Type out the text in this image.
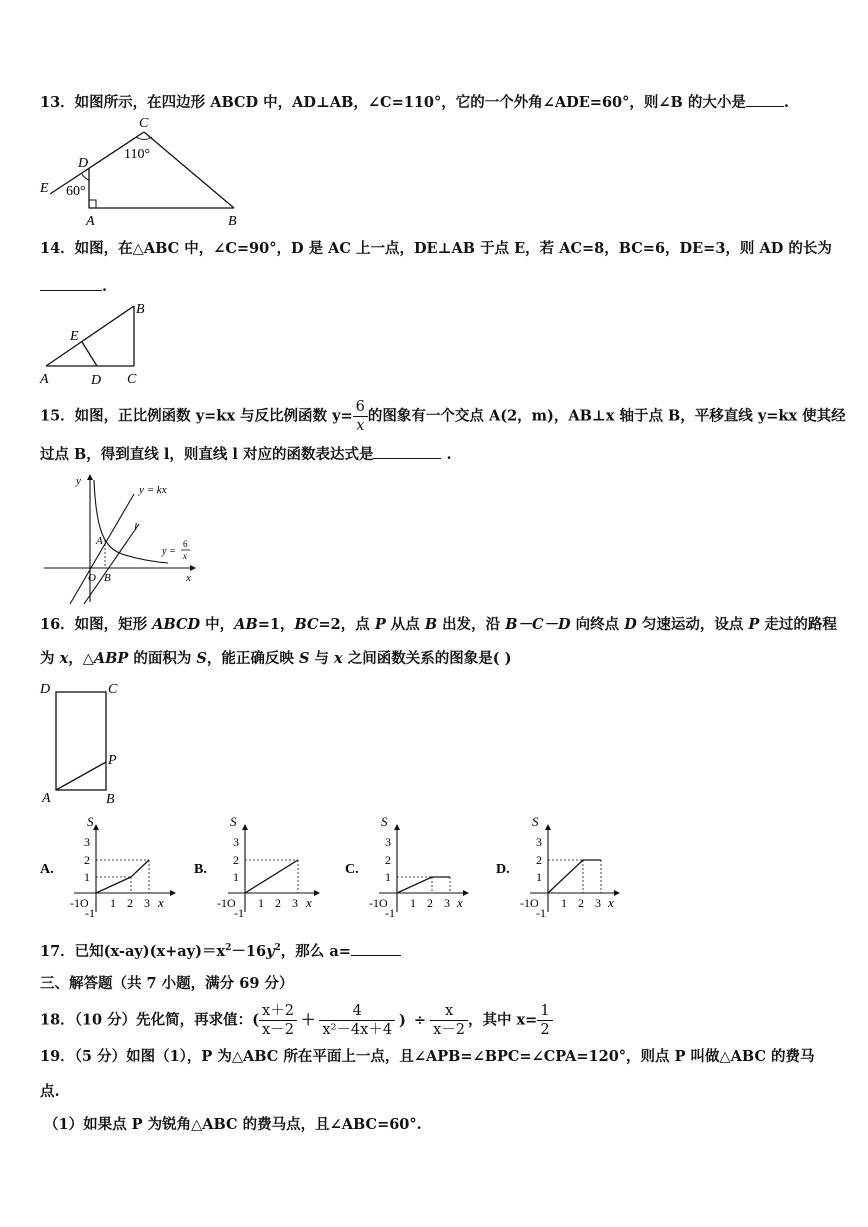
13．如图所示，在四边形 ABCD 中，AD⊥AB，∠C=110°，它的一个外角∠ADE=60°，则∠B 的大小是	.
C
110°
D
E 60°
A	B
14．如图，在△ABC 中，∠C=90°，D 是 AC 上一点，DE⊥AB 于点 E，若 AC=8，BC=6，DE=3，则 AD 的长为
.
B
E
A	D C
15．如图，正比例函数 y=kx 与反比例函数 $y= \frac{6}{x}$ 的图象有一个交点 A(2，m)，AB⊥x 轴于点 B，平移直线 y=kx 使其经
过点 B，得到直线 l，则直线 l 对应的函数表达式是	.
y
y = kx
l
A
O B	x
y =
6
x
16．如图，矩形 ABCD 中，AB=1，BC=2，点 P 从点 B 出发，沿 B－C－D 向终点 D 匀速运动，设点 P 走过的路程
为 x，△ABP 的面积为 S，能正确反映 S 与 x 之间函数关系的图象是( )
D	C
P
A	B
A.
S
3
2
1
-1O
-1
1 2 3 x
B.
S
3
2
1
-1O
-1
1 2 3 x
C.
S
3
2
1
-1O
-1
1 2 3 x
D.
S
3
2
1
-1O
-1
1 2 3 x
17．已知$(x-ay)(x+ay)=x^2-16y^2$，那么 a=
三、解答题（共 7 小题，满分 69 分）
18．（10 分）先化简，再求值：( $\frac{x+2}{x-2} + \frac{4}{\text{x²－4x＋4}}$ ) ÷ $\frac{x}{x-2}$ ，其中 $x= \frac{1}{2}$
19．（5 分）如图（1），P 为△ABC 所在平面上一点，且∠APB=∠BPC=∠CPA=120°，则点 P 叫做△ABC 的费马
点.
（1）如果点 P 为锐角△ABC 的费马点，且∠ABC=60°.
